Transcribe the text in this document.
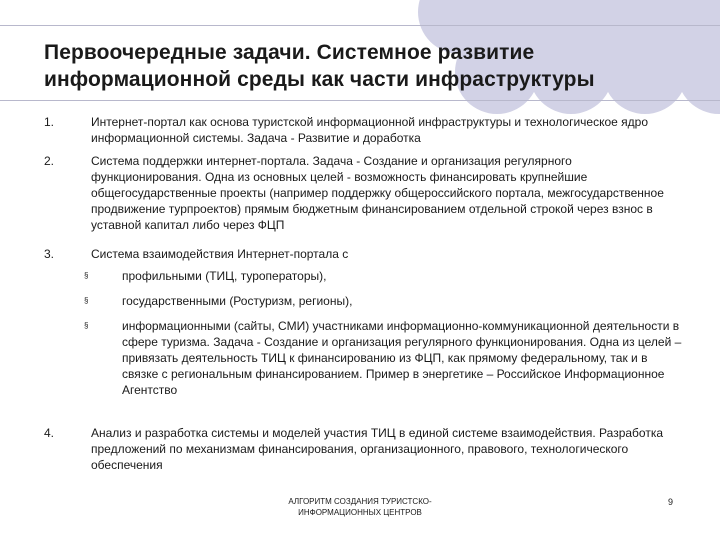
Первоочередные задачи. Системное развитие
информационной среды как части инфраструктуры
1.	Интернет-портал как основа туристской информационной инфраструктуры и технологическое ядро информационной системы. Задача - Развитие и доработка
2.	Система поддержки интернет-портала. Задача - Создание и организация регулярного функционирования. Одна из основных целей - возможность финансировать крупнейшие общегосударственные проекты (например поддержку общероссийского портала, межгосударственное продвижение турпроектов) прямым бюджетным финансированием отдельной строкой через взнос в уставной капитал либо через ФЦП
3.	Система взаимодействия Интернет-портала с
§	профильными (ТИЦ, туроператоры),
§	государственными (Ростуризм, регионы),
§	информационными (сайты, СМИ) участниками информационно-коммуникационной деятельности в сфере туризма. Задача - Создание и организация регулярного функционирования. Одна из целей – привязать деятельность ТИЦ к финансированию из ФЦП, как прямому федеральному, так и в связке с региональным финансированием. Пример в энергетике – Российское Информационное Агентство
4.	Анализ и разработка системы и моделей участия ТИЦ в единой системе взаимодействия. Разработка предложений по механизмам финансирования, организационного, правового, технологического обеспечения
АЛГОРИТМ СОЗДАНИЯ ТУРИСТСКО-
ИНФОРМАЦИОННЫХ ЦЕНТРОВ
9
